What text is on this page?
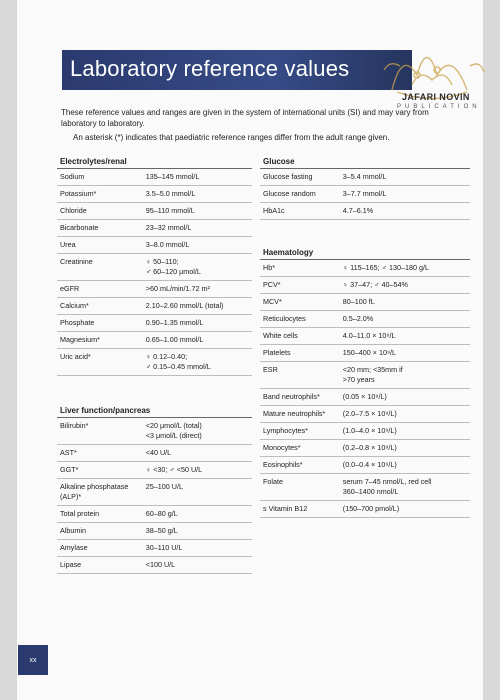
Laboratory reference values
JAFARI NOVIN
PUBLICATION

These reference values and ranges are given in the system of international units (SI) and may vary from laboratory to laboratory.

An asterisk (*) indicates that paediatric reference ranges differ from the adult range given.

Electrolytes/renal
Sodium	135–145 mmol/L
Potassium*	3.5–5.0 mmol/L
Chloride	95–110 mmol/L
Bicarbonate	23–32 mmol/L
Urea	3–8.0 mmol/L
Creatinine	♀ 50–110;
♂ 60–120 μmol/L
eGFR	>60 mL/min/1.72 m²
Calcium*	2.10–2.60 mmol/L (total)
Phosphate	0.90–1.35 mmol/L
Magnesium*	0.65–1.00 mmol/L
Uric acid*	♀ 0.12–0.40;
♂ 0.15–0.45 mmol/L
Liver function/pancreas
Bilirubin*	<20 μmol/L (total)
<3 μmol/L (direct)
AST*	<40 U/L
GGT*	♀ <30; ♂ <50 U/L
Alkaline phosphatase
(ALP)*	25–100 U/L
Total protein	60–80 g/L
Albumin	38–50 g/L
Amylase	30–110 U/L
Lipase	<100 U/L
Glucose
Glucose fasting	3–5.4 mmol/L
Glucose random	3–7.7 mmol/L
HbA1c	4.7–6.1%
Haematology
Hb*	♀ 115–165; ♂ 130–180 g/L
PCV*	♀ 37–47; ♂ 40–54%
MCV*	80–100 fL
Reticulocytes	0.5–2.0%
White cells	4.0–11.0 × 10⁹/L
Platelets	150–400 × 10⁹/L
ESR	<20 mm; <35mm if
>70 years
Band neutrophils*	(0.05 × 10⁹/L)
Mature neutrophils*	(2.0–7.5 × 10⁹/L)
Lymphocytes*	(1.0–4.0 × 10⁹/L)
Monocytes*	(0.2–0.8 × 10⁹/L)
Eosinophils*	(0.0–0.4 × 10⁹/L)
Folate	serum 7–45 nmol/L, red cell
360–1400 nmol/L
s Vitamin B12	(150–700 pmol/L)
xx
